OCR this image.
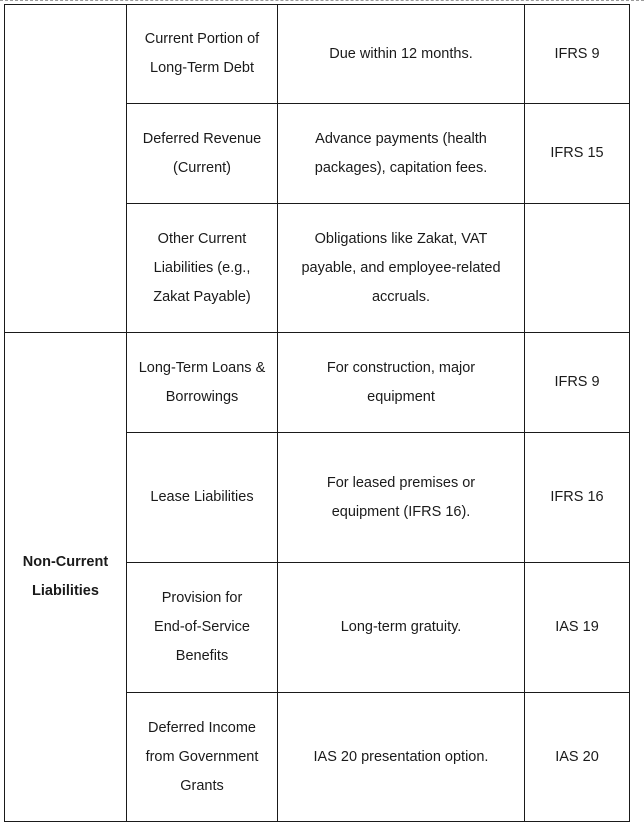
	Current Portion of Long-Term Debt	Due within 12 months.	IFRS 9
	Deferred Revenue (Current)	Advance payments (health packages), capitation fees.	IFRS 15
	Other Current Liabilities (e.g., Zakat Payable)	Obligations like Zakat, VAT payable, and employee-related accruals.	

Non-Current Liabilities	Long-Term Loans & Borrowings	For construction, major equipment	IFRS 9
	Lease Liabilities	For leased premises or equipment (IFRS 16).	IFRS 16
	Provision for End-of-Service Benefits	Long-term gratuity.	IAS 19
	Deferred Income from Government Grants	IAS 20 presentation option.	IAS 20
